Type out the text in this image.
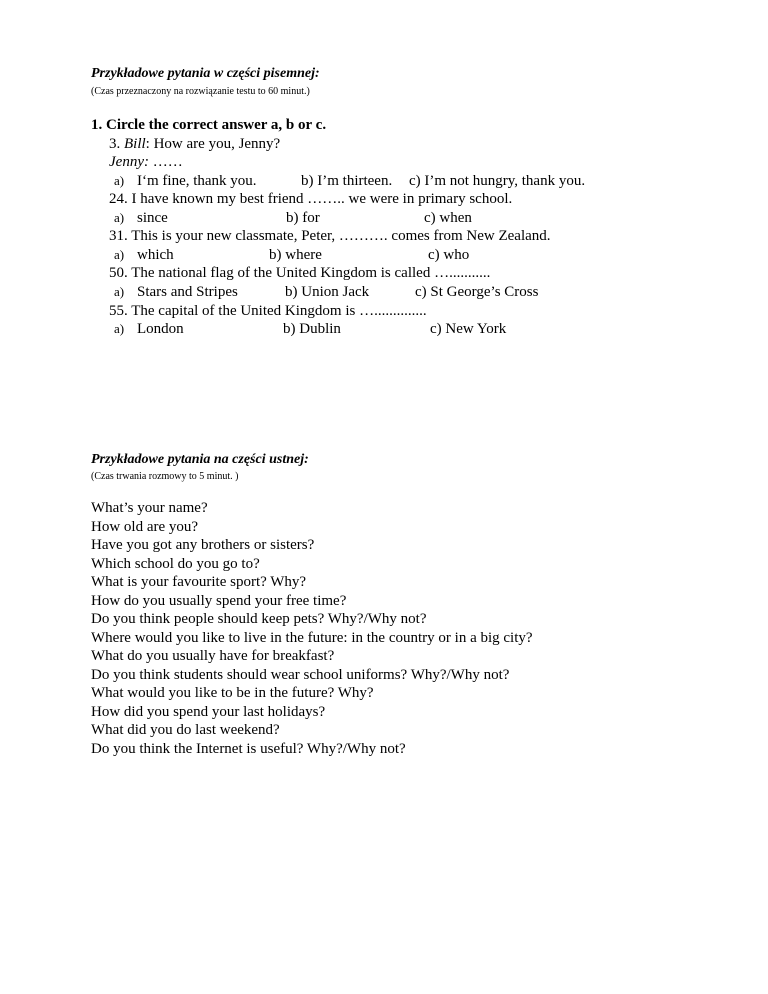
Przykładowe pytania w części pisemnej:
(Czas przeznaczony na rozwiązanie testu to 60 minut.)
1. Circle the correct answer a, b or c.
3. Bill: How are you, Jenny?
Jenny: ……
a) I‘m fine, thank you.	b) I’m thirteen. c) I’m not hungry, thank you.
24. I have known my best friend …….. we were in primary school.
a) since	b) for	c) when
31. This is your new classmate, Peter, ………. comes from New Zealand.
a) which	b) where	c) who
50. The national flag of the United Kingdom is called …...........
a) Stars and Stripes	b) Union Jack	c) St George’s Cross
55. The capital of the United Kingdom is …..............
a) London	b) Dublin	c) New York
Przykładowe pytania na części ustnej:
(Czas trwania rozmowy to 5 minut. )
What’s your name?
How old are you?
Have you got any brothers or sisters?
Which school do you go to?
What is your favourite sport? Why?
How do you usually spend your free time?
Do you think people should keep pets? Why?/Why not?
Where would you like to live in the future: in the country or in a big city?
What do you usually have for breakfast?
Do you think students should wear school uniforms? Why?/Why not?
What would you like to be in the future? Why?
How did you spend your last holidays?
What did you do last weekend?
Do you think the Internet is useful? Why?/Why not?
